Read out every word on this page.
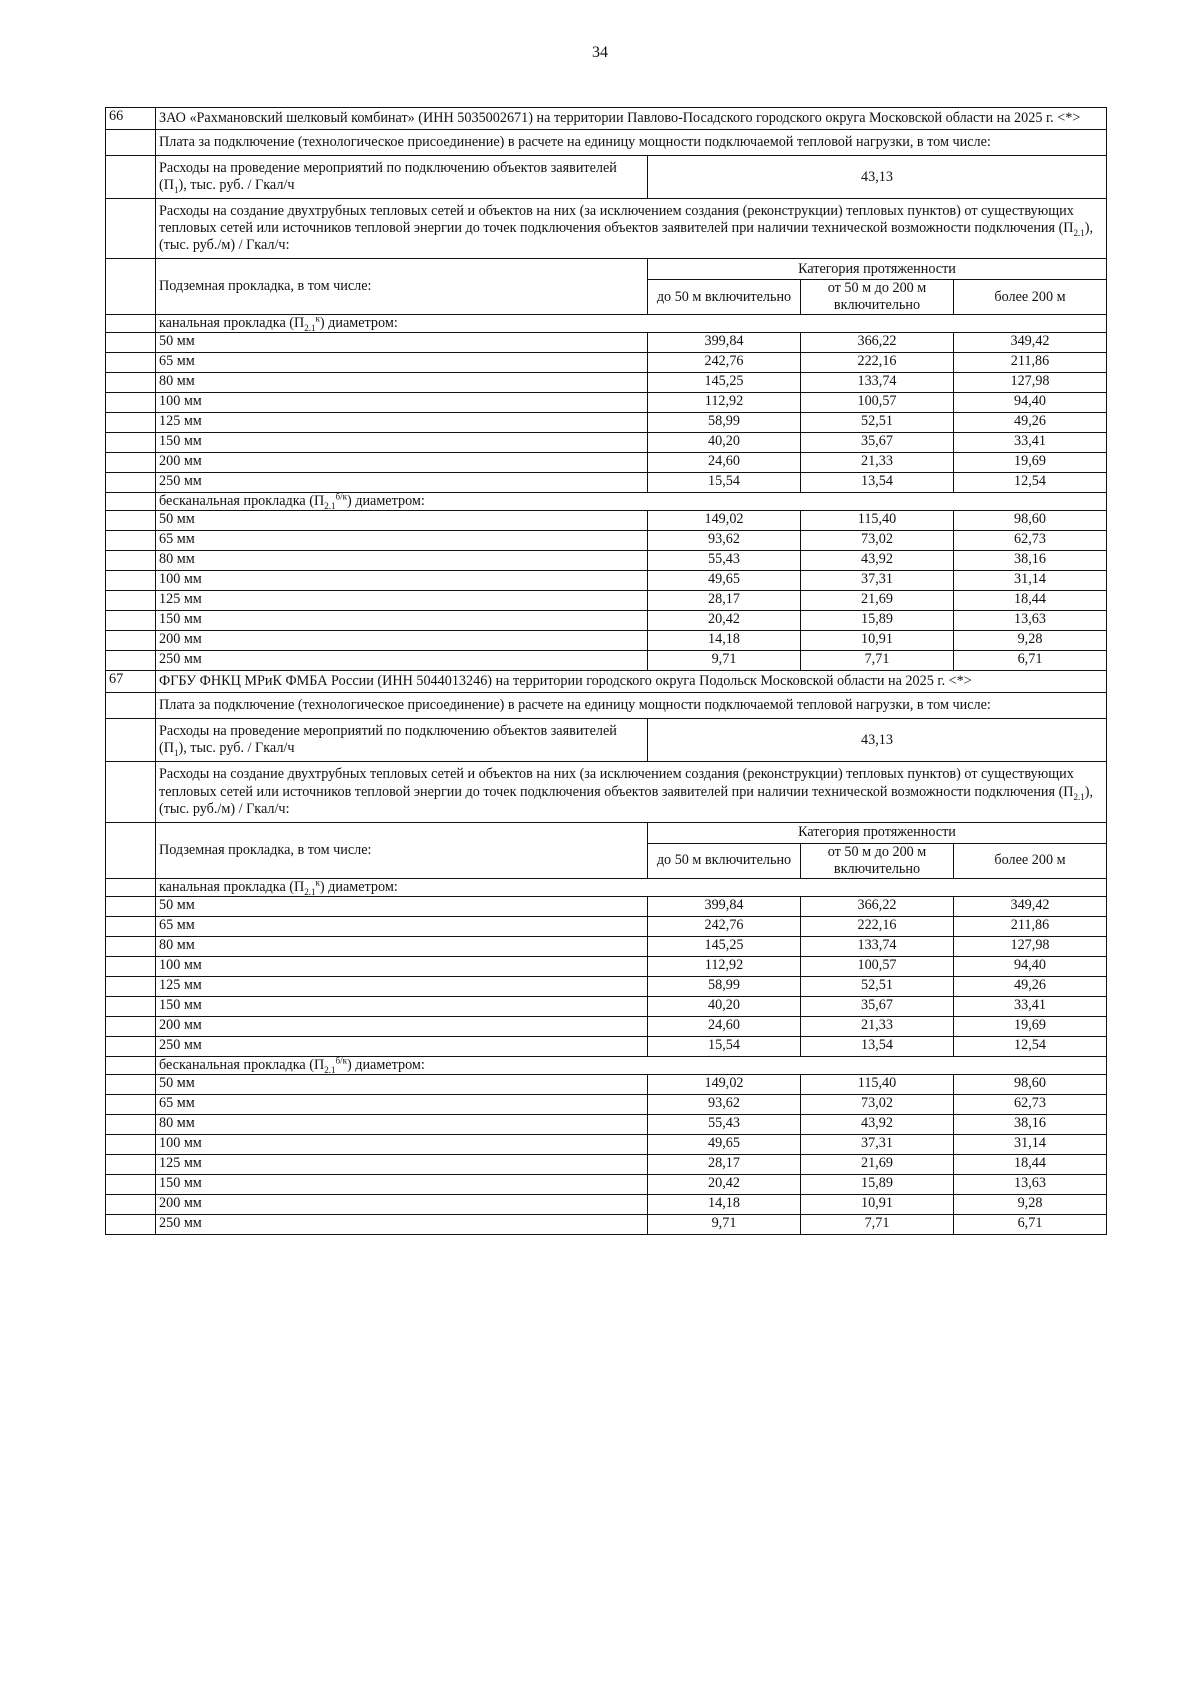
34
66	ЗАО «Рахмановский шелковый комбинат» (ИНН 5035002671) на территории Павлово-Посадского городского округа Московской области на 2025 г. <*>			
	Плата за подключение (технологическое присоединение) в расчете на единицу мощности подключаемой тепловой нагрузки, в том числе:			
	Расходы на проведение мероприятий по подключению объектов заявителей $(П_1)$, тыс. руб. / Гкал/ч	43,13		
	Расходы на создание двухтрубных тепловых сетей и объектов на них (за исключением создания (реконструкции) тепловых пунктов) от существующих тепловых сетей или источников тепловой энергии до точек подключения объектов заявителей при наличии технической возможности подключения $(П_{2.1})$, (тыс. руб./м) / Гкал/ч:			
	Подземная прокладка, в том числе:	Категория протяженности		
		до 50 м включительно	от 50 м до 200 м включительно	более 200 м
	канальная прокладка $(П_{2.1}^к)$ диаметром:			
	50 мм	399,84	366,22	349,42
	65 мм	242,76	222,16	211,86
	80 мм	145,25	133,74	127,98
	100 мм	112,92	100,57	94,40
	125 мм	58,99	52,51	49,26
	150 мм	40,20	35,67	33,41
	200 мм	24,60	21,33	19,69
	250 мм	15,54	13,54	12,54
	бесканальная прокладка $(П_{2.1}^{б/к})$ диаметром:			
	50 мм	149,02	115,40	98,60
	65 мм	93,62	73,02	62,73
	80 мм	55,43	43,92	38,16
	100 мм	49,65	37,31	31,14
	125 мм	28,17	21,69	18,44
	150 мм	20,42	15,89	13,63
	200 мм	14,18	10,91	9,28
	250 мм	9,71	7,71	6,71
67	ФГБУ ФНКЦ МРиК ФМБА России (ИНН 5044013246) на территории городского округа Подольск Московской области на 2025 г. <*>			
	Плата за подключение (технологическое присоединение) в расчете на единицу мощности подключаемой тепловой нагрузки, в том числе:			
	Расходы на проведение мероприятий по подключению объектов заявителей $(П_1)$, тыс. руб. / Гкал/ч	43,13		
	Расходы на создание двухтрубных тепловых сетей и объектов на них (за исключением создания (реконструкции) тепловых пунктов) от существующих тепловых сетей или источников тепловой энергии до точек подключения объектов заявителей при наличии технической возможности подключения $(П_{2.1})$, (тыс. руб./м) / Гкал/ч:			
	Подземная прокладка, в том числе:	Категория протяженности		
		до 50 м включительно	от 50 м до 200 м включительно	более 200 м
	канальная прокладка $(П_{2.1}^к)$ диаметром:			
	50 мм	399,84	366,22	349,42
	65 мм	242,76	222,16	211,86
	80 мм	145,25	133,74	127,98
	100 мм	112,92	100,57	94,40
	125 мм	58,99	52,51	49,26
	150 мм	40,20	35,67	33,41
	200 мм	24,60	21,33	19,69
	250 мм	15,54	13,54	12,54
	бесканальная прокладка $(П_{2.1}^{б/к})$ диаметром:			
	50 мм	149,02	115,40	98,60
	65 мм	93,62	73,02	62,73
	80 мм	55,43	43,92	38,16
	100 мм	49,65	37,31	31,14
	125 мм	28,17	21,69	18,44
	150 мм	20,42	15,89	13,63
	200 мм	14,18	10,91	9,28
	250 мм	9,71	7,71	6,71
